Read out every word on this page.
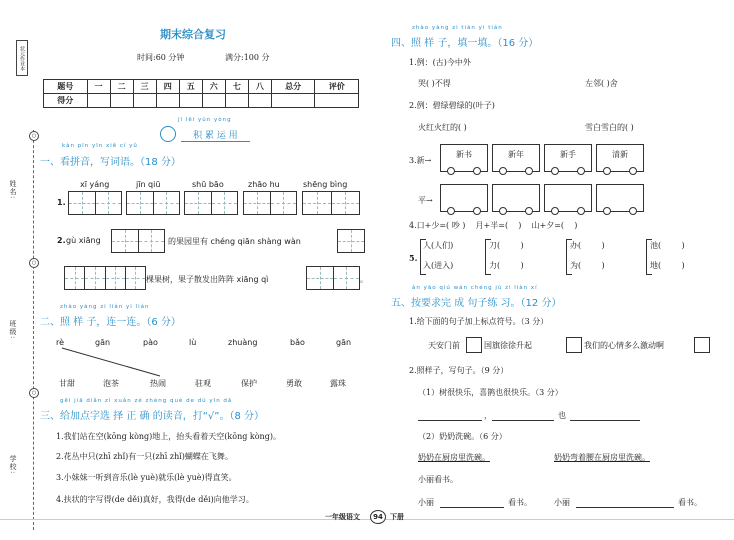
状元作业本
○
○
○
姓名:
班级:
学校:
期末综合复习
时间:60 分钟	满分:100 分
题号	一	二	三	四	五	六	七	八	总分	评价
得分										
jī lěi yùn yòng
积 累 运 用
kàn pīn yīn xiě cí yǔ
一、看拼音，写词语。（18 分）
xī yáng	jīn qiū	shū bāo	zhāo hu	shēng bìng
1.
2. gù xiāng	的果园里有 chéng qiān shàng wàn
棵果树，果子散发出阵阵 xiāng qì	。
zhào yàng zi lián yi lián
二、照 样 子，连一连。（6 分）
rè	gān	pào	lù	zhuàng	bǎo	gān
甘甜	泡茶	热闹	驻观	保护	勇敢	露珠
gěi jiā diǎn zì xuǎn zé zhèng què de dú yīn dǎ
三、给加点字选 择 正 确 的读音，打“√”。（8 分）
1.我们站在空(kōng kòng)地上，抬头看着天空(kōng kòng)。
2.花丛中只(zhī zhǐ)有一只(zhī zhǐ)蝴蝶在飞舞。
3.小妹妹一听到音乐(lè yuè)就乐(lè yuè)得直笑。
4.扶状的字写得(de děi)真好，我得(de děi)向他学习。
zhào yàng zi tián yi tián
四、照 样 子，填一填。（16 分）
1.例：(古)今中外
哭( )不得	左邻( )舍
2.例：碧绿碧绿的(叶子)
火红火红的( )	雪白雪白的( )
3.新→
新书	新年	新手	清新
平→
4.口+少=( 吵 )    月+半=(    )    山+夕=(    )
5.
人(人们)
入(进入)
刀(        )
力(        )
办(        )
为(        )
池(        )
地(        )
àn yāo qiú wán chéng jù zi liàn xí
五、按要求完 成 句子练 习。（12 分）
1.给下面的句子加上标点符号。（3 分）
天安门前	国旗徐徐升起	我们的心情多么激动啊
2.照样子，写句子。（9 分）
（1）树很快乐，喜鹊也很快乐。（3 分）
，	也
（2）奶奶洗碗。（6 分）
奶奶在厨房里洗碗。	奶奶弯着腰在厨房里洗碗。
小丽看书。
小丽	看书。	小丽	看书。
一年级语文	94	下册
